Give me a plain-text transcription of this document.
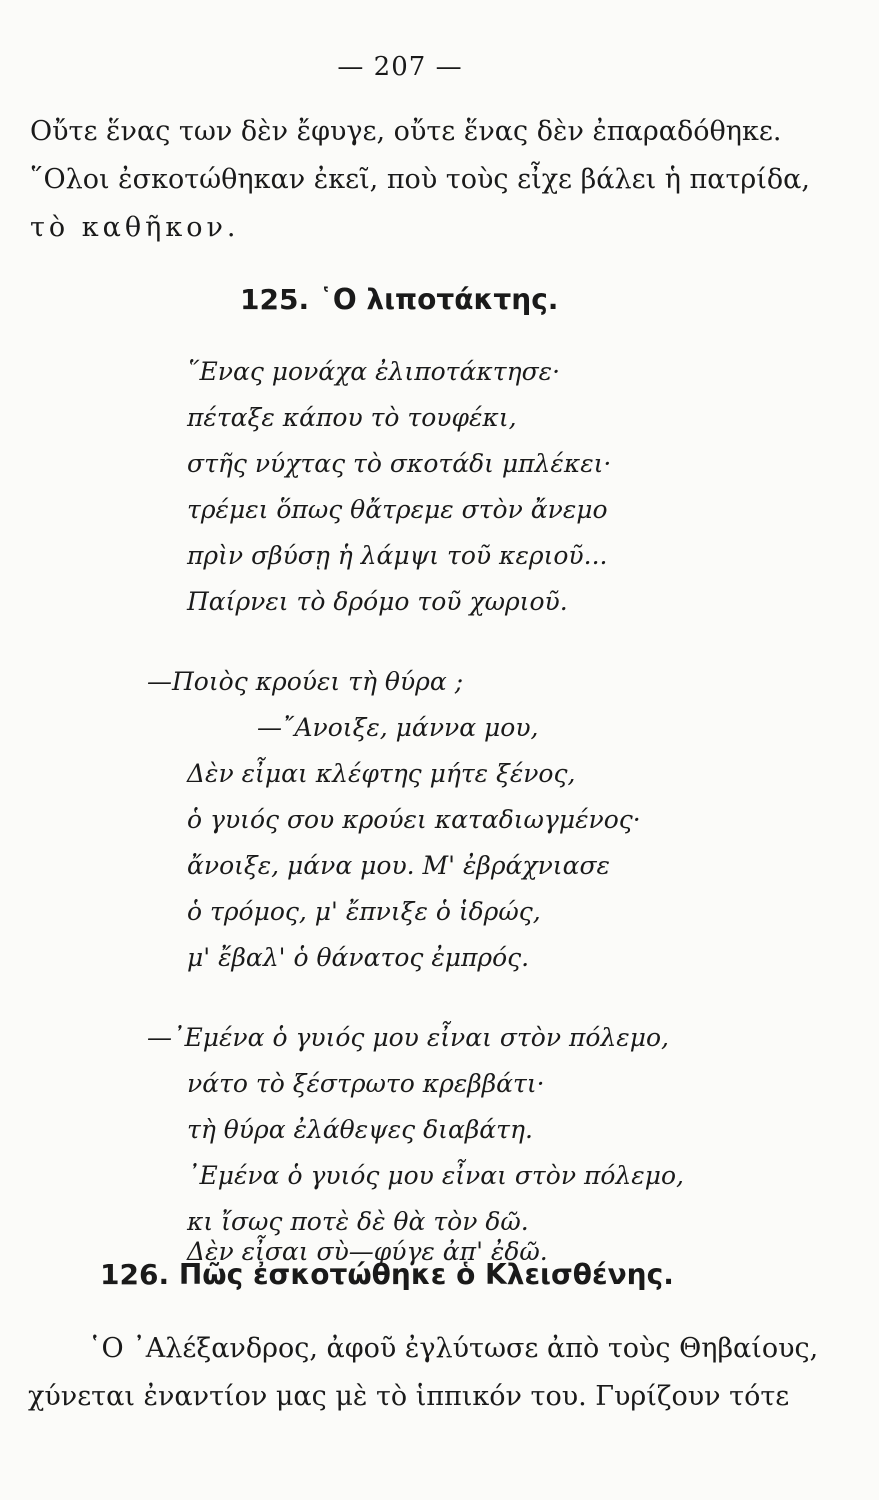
— 207 —
Οὔτε ἕνας των δὲν ἔφυγε, οὔτε ἕνας δὲν ἐπαραδόθηκε.
῞Ολοι ἐσκοτώθηκαν ἐκεῖ, ποὺ τοὺς εἶχε βάλει ἡ πατρίδα,
τὸ καθῆκον.
125. ῾Ο λιποτάκτης.
῞Ενας μονάχα ἐλιποτάκτησε·
πέταξε κάπου τὸ τουφέκι,
στῆς νύχτας τὸ σκοτάδι μπλέκει·
τρέμει ὅπως θἄτρεμε στὸν ἄνεμο
πρὶν σβύσῃ ἡ λάμψι τοῦ κεριοῦ...
Παίρνει τὸ δρόμο τοῦ χωριοῦ.
—Ποιὸς κρούει τὴ θύρα ;
—῎Ανοιξε, μάννα μου,
Δὲν εἶμαι κλέφτης μήτε ξένος,
ὁ γυιός σου κρούει καταδιωγμένος·
ἄνοιξε, μάνα μου. Μ' ἐβράχνιασε
ὁ τρόμος, μ' ἔπνιξε ὁ ἱδρώς,
μ' ἔβαλ' ὁ θάνατος ἐμπρός.
—᾿Εμένα ὁ γυιός μου εἶναι στὸν πόλεμο,
νάτο τὸ ξέστρωτο κρεββάτι·
τὴ θύρα ἐλάθεψες διαβάτη.
᾿Εμένα ὁ γυιός μου εἶναι στὸν πόλεμο,
κι ἴσως ποτὲ δὲ θὰ τὸν δῶ.
Δὲν εἶσαι σὺ—φύγε ἀπ' ἐδῶ.
126. Πῶς ἐσκοτώθηκε ὁ Κλεισθένης.
῾Ο ᾿Αλέξανδρος, ἀφοῦ ἐγλύτωσε ἀπὸ τοὺς Θηβαίους,
χύνεται ἐναντίον μας μὲ τὸ ἱππικόν του. Γυρίζουν τότε
